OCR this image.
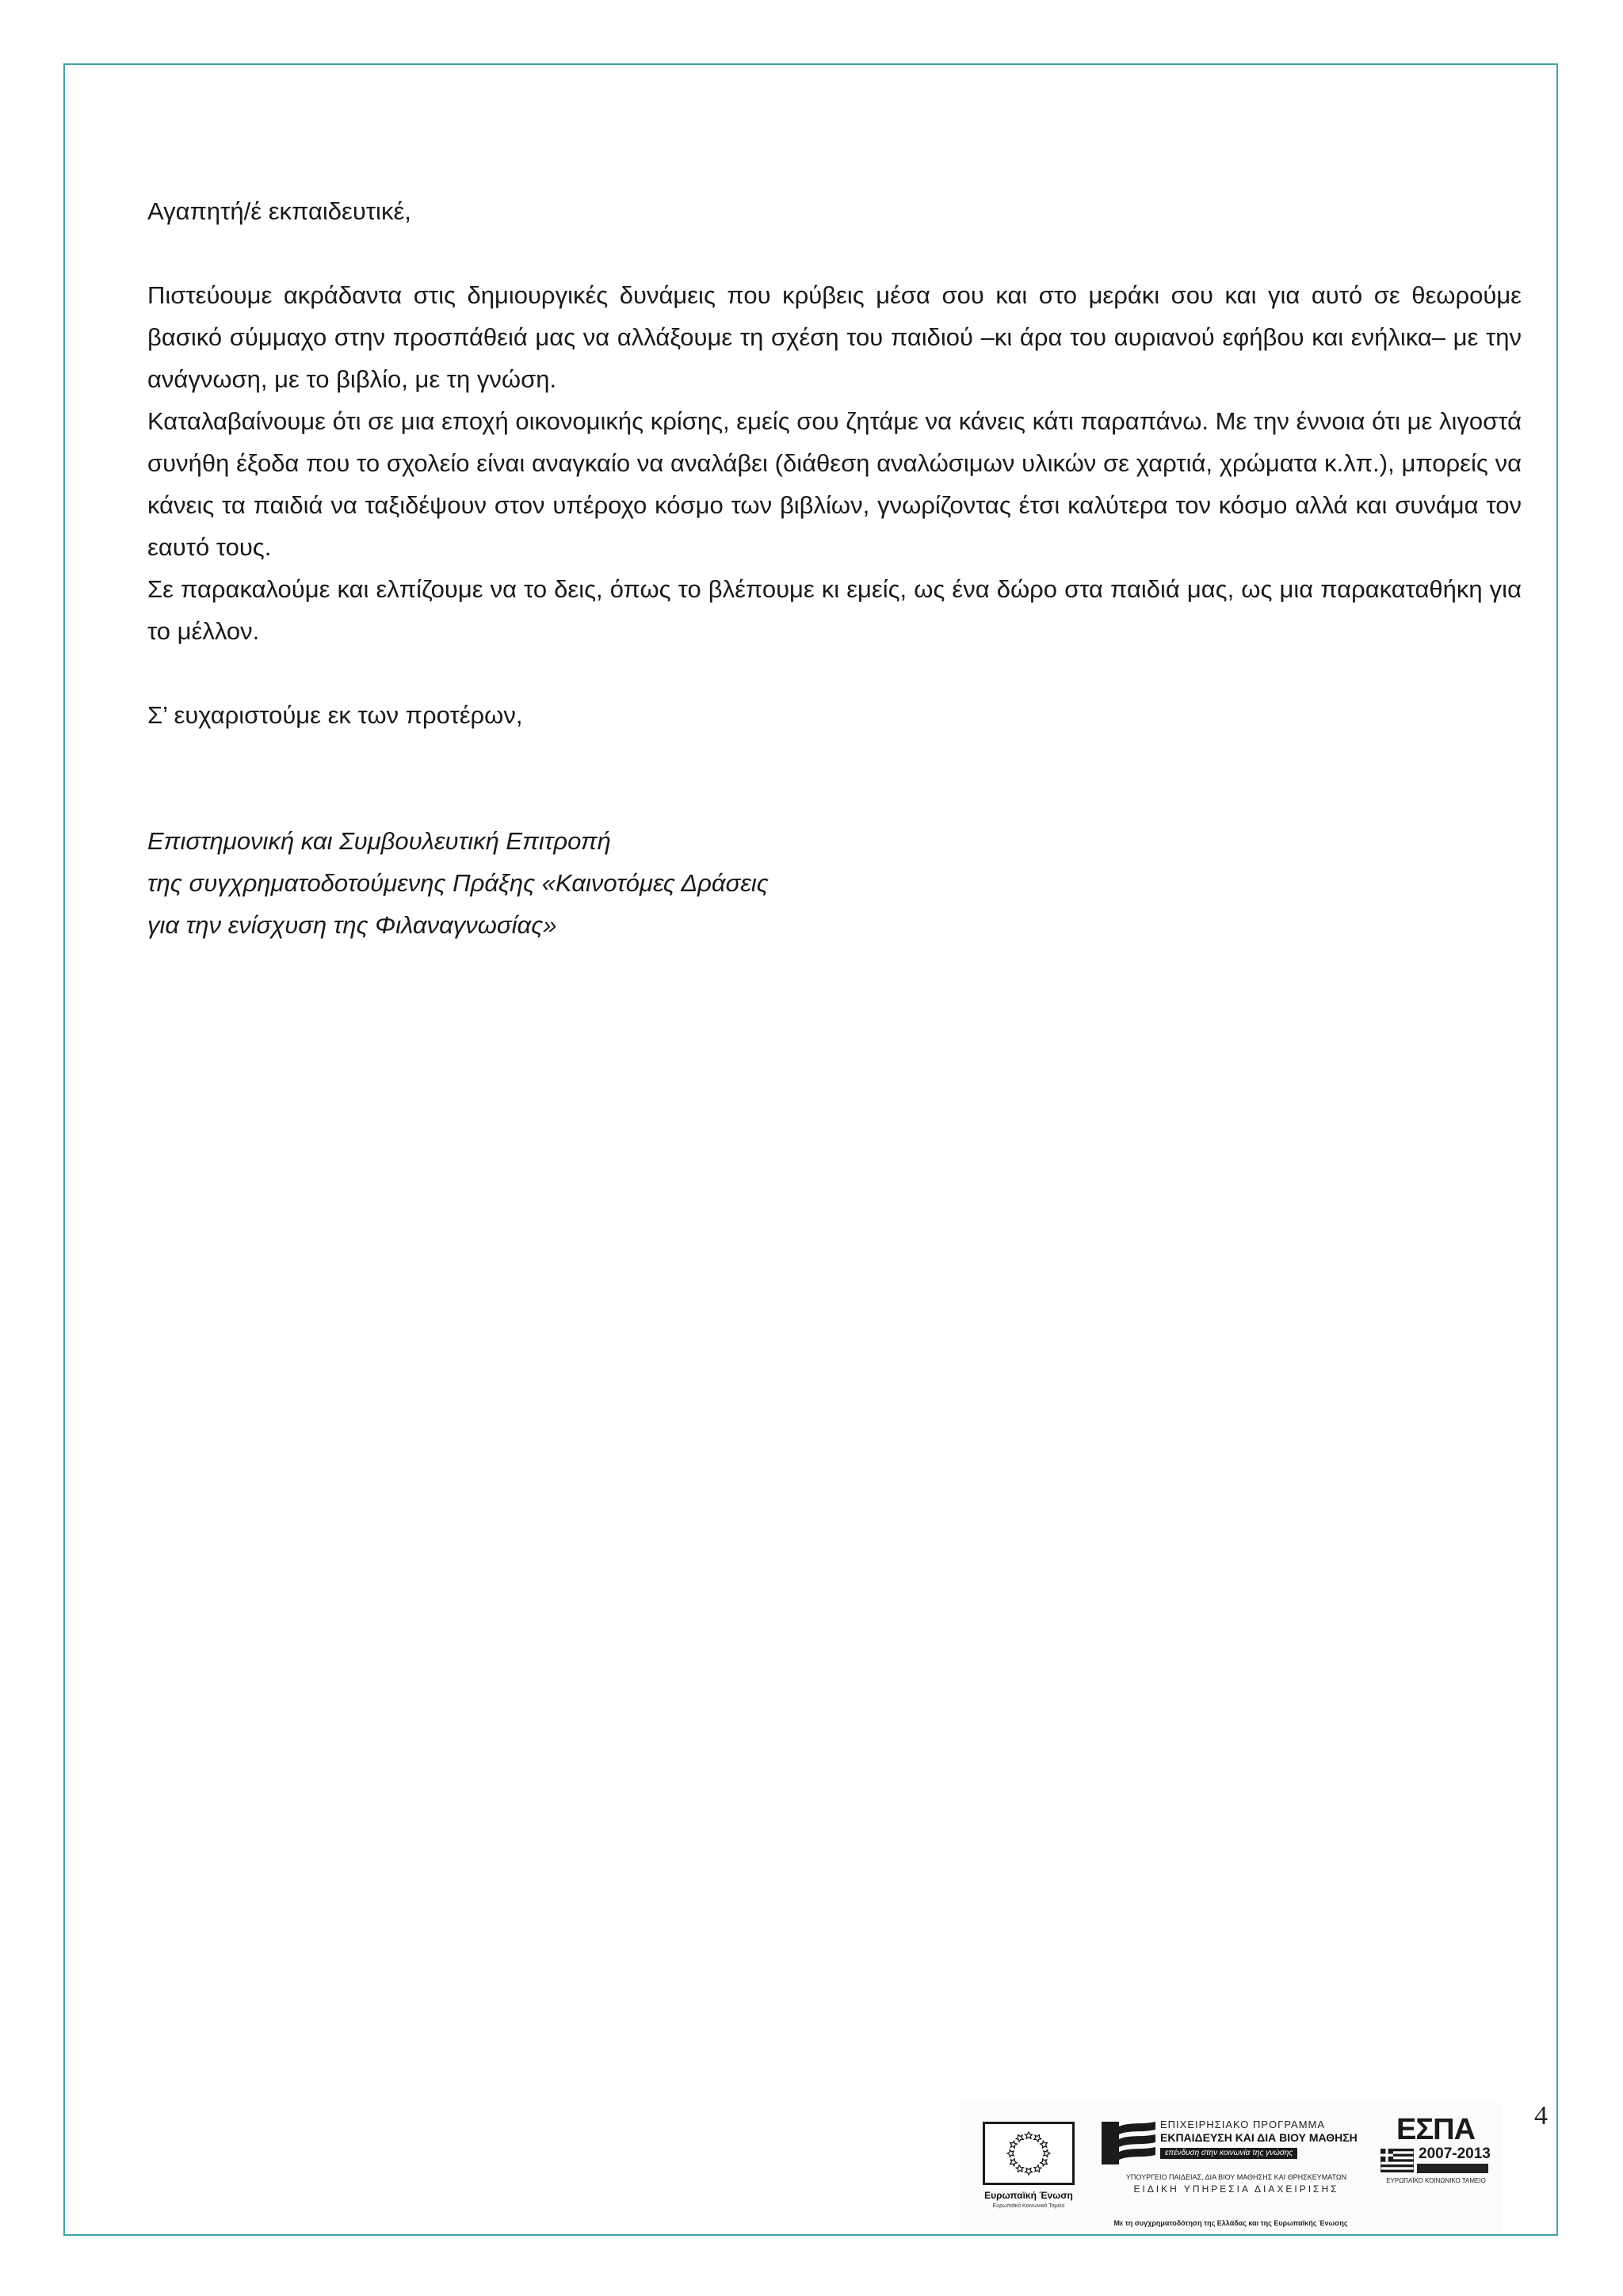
Αγαπητή/έ εκπαιδευτικέ,

Πιστεύουμε ακράδαντα στις δημιουργικές δυνάμεις που κρύβεις μέσα σου και στο μεράκι σου και για αυτό σε θεωρούμε βασικό σύμμαχο στην προσπάθειά μας να αλλάξουμε τη σχέση του παιδιού –κι άρα του αυριανού εφήβου και ενήλικα– με την ανάγνωση, με το βιβλίο, με τη γνώση.

Καταλαβαίνουμε ότι σε μια εποχή οικονομικής κρίσης, εμείς σου ζητάμε να κάνεις κάτι παραπάνω. Με την έννοια ότι με λιγοστά συνήθη έξοδα που το σχολείο είναι αναγκαίο να αναλάβει (διάθεση αναλώσιμων υλικών σε χαρτιά, χρώματα κ.λπ.), μπορείς να κάνεις τα παιδιά να ταξιδέψουν στον υπέροχο κόσμο των βιβλίων, γνωρίζοντας έτσι καλύτερα τον κόσμο αλλά και συνάμα τον εαυτό τους.

Σε παρακαλούμε και ελπίζουμε να το δεις, όπως το βλέπουμε κι εμείς, ως ένα δώρο στα παιδιά μας, ως μια παρακαταθήκη για το μέλλον.

Σ’ ευχαριστούμε εκ των προτέρων,

Επιστημονική και Συμβουλευτική Επιτροπή

της συγχρηματοδοτούμενης Πράξης «Καινοτόμες Δράσεις

για την ενίσχυση της Φιλαναγνωσίας»

4
Ευρωπαϊκή Ένωση
Ευρωπαϊκό Κοινωνικό Ταμείο
ΕΠΙΧΕΙΡΗΣΙΑΚΟ ΠΡΟΓΡΑΜΜΑ
ΕΚΠΑΙΔΕΥΣΗ ΚΑΙ ΔΙΑ ΒΙΟΥ ΜΑΘΗΣΗ
επένδυση στην κοινωνία της γνώσης
ΥΠΟΥΡΓΕΙΟ ΠΑΙΔΕΙΑΣ, ΔΙΑ ΒΙΟΥ ΜΑΘΗΣΗΣ ΚΑΙ ΘΡΗΣΚΕΥΜΑΤΩΝ
ΕΙΔΙΚΗ ΥΠΗΡΕΣΙΑ ΔΙΑΧΕΙΡΙΣΗΣ
ΕΣΠΑ
2007-2013
ΕΥΡΩΠΑΪΚΟ ΚΟΙΝΩΝΙΚΟ ΤΑΜΕΙΟ
Με τη συγχρηματοδότηση της Ελλάδας και της Ευρωπαϊκής Ένωσης
